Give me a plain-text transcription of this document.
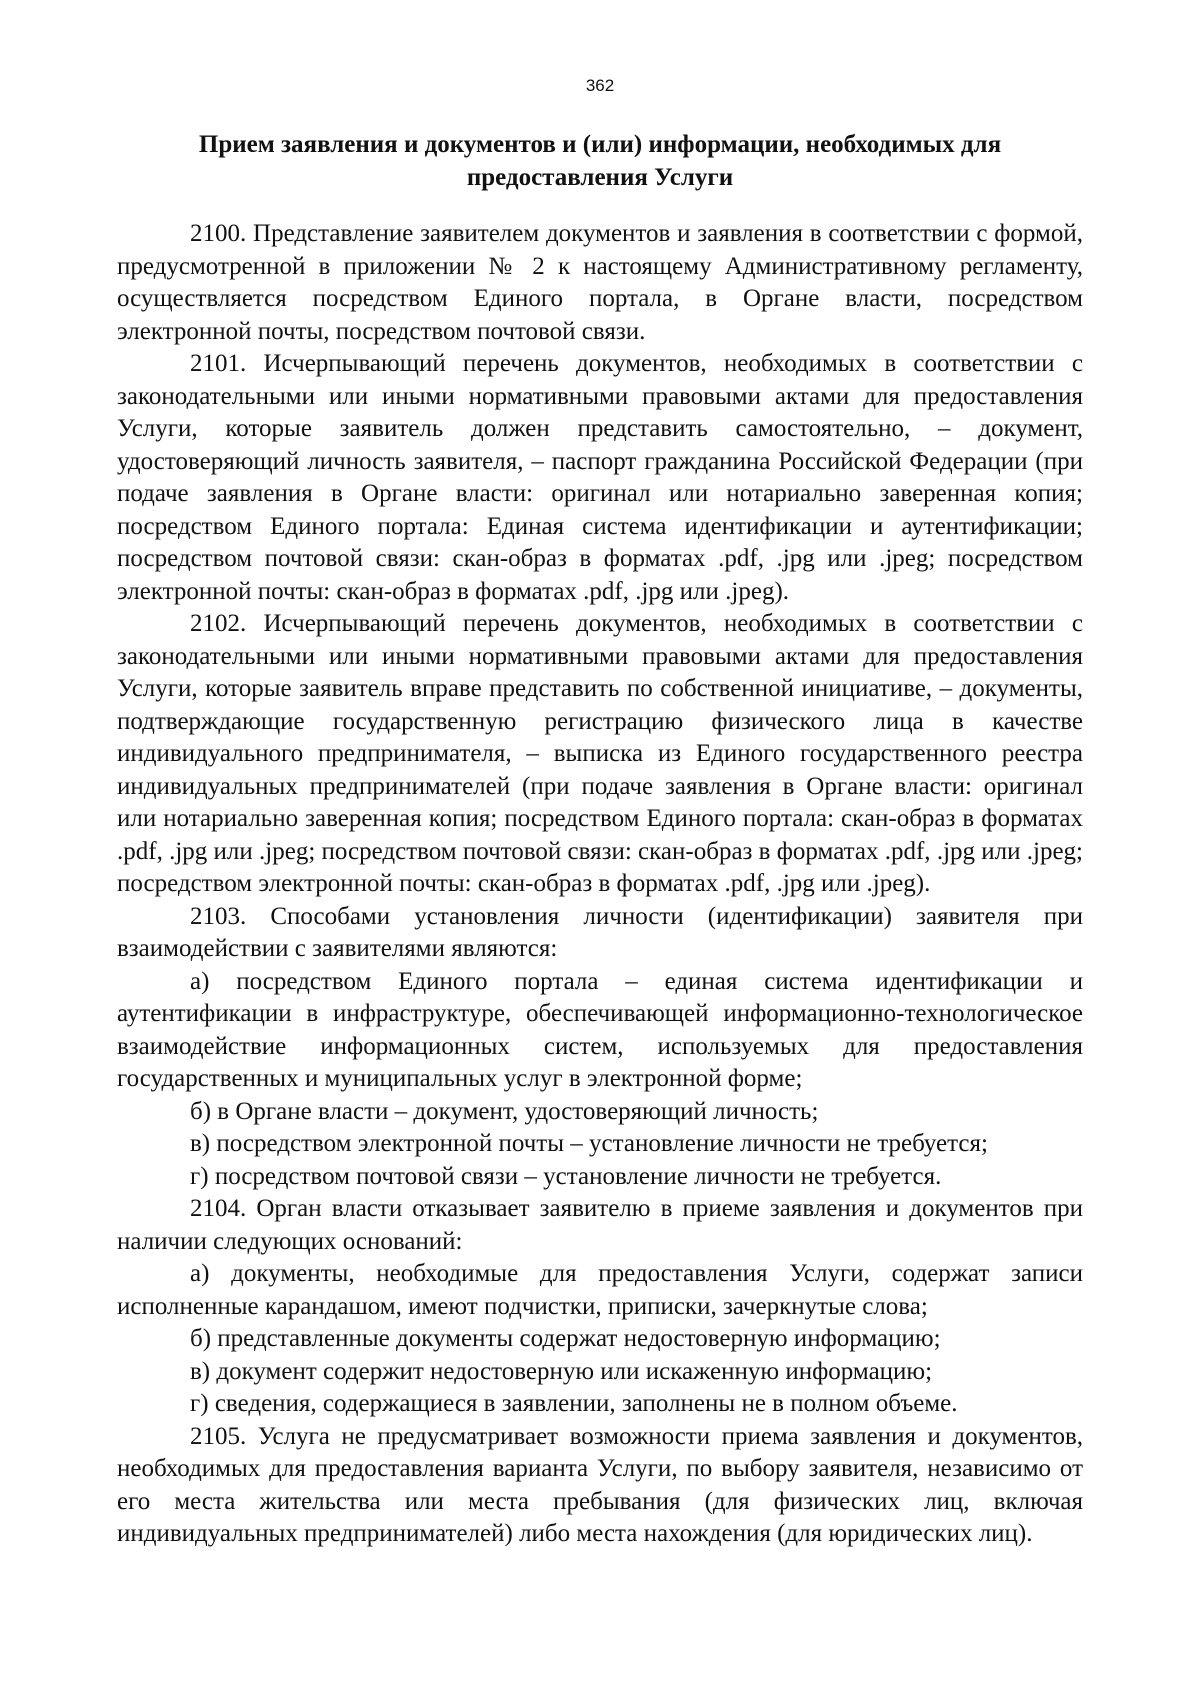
362
Прием заявления и документов и (или) информации, необходимых для
предоставления Услуги

2100. Представление заявителем документов и заявления в соответствии с формой, предусмотренной в приложении № 2 к настоящему Административному регламенту, осуществляется посредством Единого портала, в Органе власти, посредством электронной почты, посредством почтовой связи.

2101. Исчерпывающий перечень документов, необходимых в соответствии с законодательными или иными нормативными правовыми актами для предоставления Услуги, которые заявитель должен представить самостоятельно, – документ, удостоверяющий личность заявителя, – паспорт гражданина Российской Федерации (при подаче заявления в Органе власти: оригинал или нотариально заверенная копия; посредством Единого портала: Единая система идентификации и аутентификации; посредством почтовой связи: скан-образ в форматах .pdf, .jpg или .jpeg; посредством электронной почты: скан-образ в форматах .pdf, .jpg или .jpeg).

2102. Исчерпывающий перечень документов, необходимых в соответствии с законодательными или иными нормативными правовыми актами для предоставления Услуги, которые заявитель вправе представить по собственной инициативе, – документы, подтверждающие государственную регистрацию физического лица в качестве индивидуального предпринимателя, – выписка из Единого государственного реестра индивидуальных предпринимателей (при подаче заявления в Органе власти: оригинал или нотариально заверенная копия; посредством Единого портала: скан-образ в форматах .pdf, .jpg или .jpeg; посредством почтовой связи: скан-образ в форматах .pdf, .jpg или .jpeg; посредством электронной почты: скан-образ в форматах .pdf, .jpg или .jpeg).

2103. Способами установления личности (идентификации) заявителя при взаимодействии с заявителями являются:

а) посредством Единого портала – единая система идентификации и аутентификации в инфраструктуре, обеспечивающей информационно-технологическое взаимодействие информационных систем, используемых для предоставления государственных и муниципальных услуг в электронной форме;

б) в Органе власти – документ, удостоверяющий личность;

в) посредством электронной почты – установление личности не требуется;

г) посредством почтовой связи – установление личности не требуется.

2104. Орган власти отказывает заявителю в приеме заявления и документов при наличии следующих оснований:

а) документы, необходимые для предоставления Услуги, содержат записи исполненные карандашом, имеют подчистки, приписки, зачеркнутые слова;

б) представленные документы содержат недостоверную информацию;

в) документ содержит недостоверную или искаженную информацию;

г) сведения, содержащиеся в заявлении, заполнены не в полном объеме.

2105. Услуга не предусматривает возможности приема заявления и документов, необходимых для предоставления варианта Услуги, по выбору заявителя, независимо от его места жительства или места пребывания (для физических лиц, включая индивидуальных предпринимателей) либо места нахождения (для юридических лиц).
